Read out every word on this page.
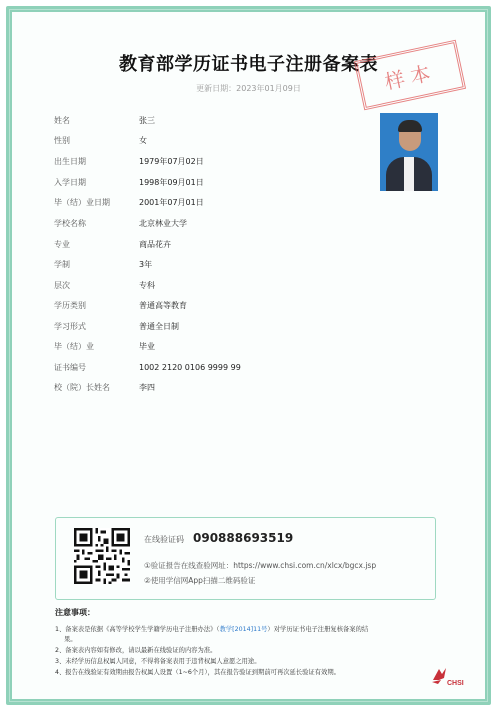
教育部学历证书电子注册备案表
更新日期：2023年01月09日	样本
姓名	张三
性别	女
出生日期	1979年07月02日
入学日期	1998年09月01日
毕（结）业日期	2001年07月01日
学校名称	北京林业大学
专业	商品花卉
学制	3年
层次	专科
学历类别	普通高等教育
学习形式	普通全日制
毕（结）业	毕业
证书编号	1002 2120 0106 9999 99
校（院）长姓名	李四
在线验证码 090888693519
①验证报告在线查验网址：https://www.chsi.com.cn/xlcx/bgcx.jsp
②使用学信网App扫描二维码验证
注意事项：
1、备案表是依据《高等学校学生学籍学历电子注册办法》（教学[2014]11号）对学历证书电子注册复核备案的结
果。
2、备案表内容如有修改，请以最新在线验证的内容为准。
3、未经学历信息权属人同意，不得将备案表用于违背权属人意愿之用途。
4、报告在线验证有效期由报告权属人设置（1~6个月），其在报告验证到期前可再次延长验证有效期。
CHSI
